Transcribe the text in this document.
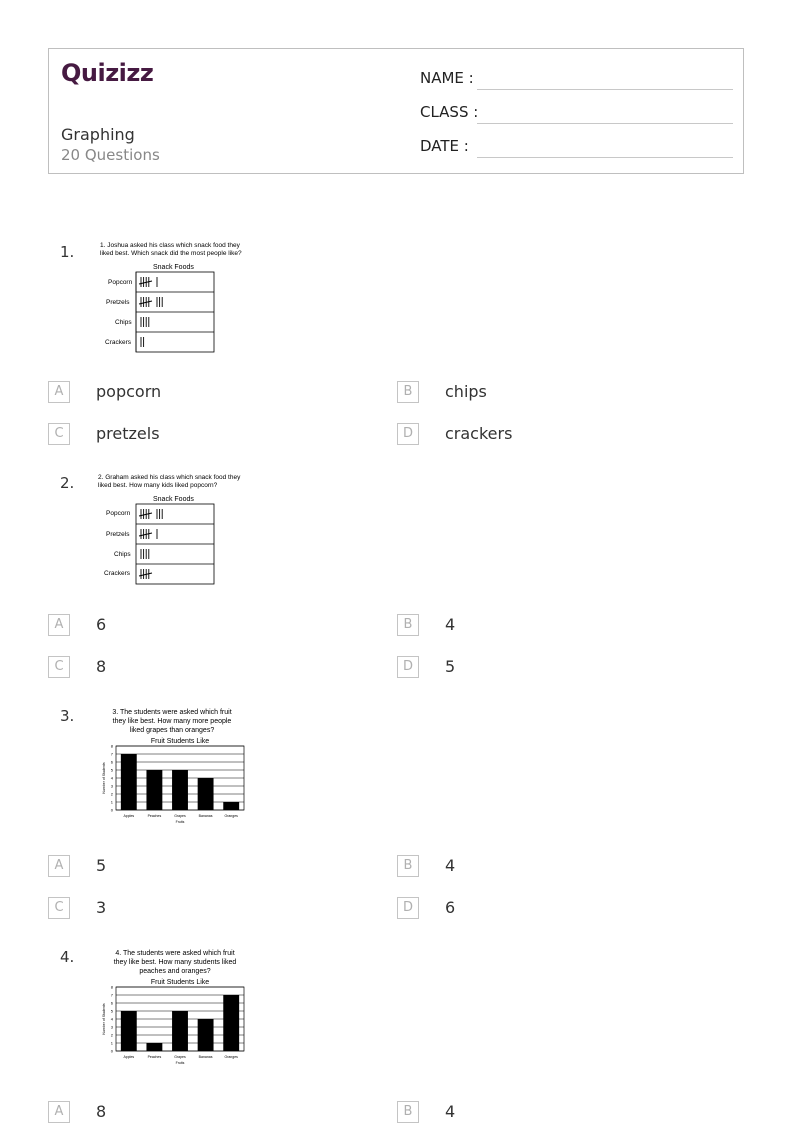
Quizizz
Graphing
20 Questions
NAME :
CLASS :
DATE :
1.	1. Joshua asked his class which snack food they
liked best. Which snack did the most people like?
Snack Foods
Popcorn
Pretzels
Chips
Crackers
A	popcorn	B	chips
C	pretzels	D	crackers
2.	2. Graham asked his class which snack food they
liked best. How many kids liked popcorn?
Snack Foods
Popcorn
Pretzels
Chips
Crackers
A	6	B	4
C	8	D	5
3.	3. The students were asked which fruit
they like best. How many more people
liked grapes than oranges?
Fruit Students Like
0
1
2
3
4
5
6
7
8
Apples	Peaches	Grapes	Bananas	Oranges
Fruits
Number of Students
A	5	B	4
C	3	D	6
4.	4. The students were asked which fruit
they like best. How many students liked
peaches and oranges?
Fruit Students Like
0
1
2
3
4
5
6
7
8
Apples	Peaches	Grapes	Bananas	Oranges
Fruits
Number of Students
A	8	B	4
